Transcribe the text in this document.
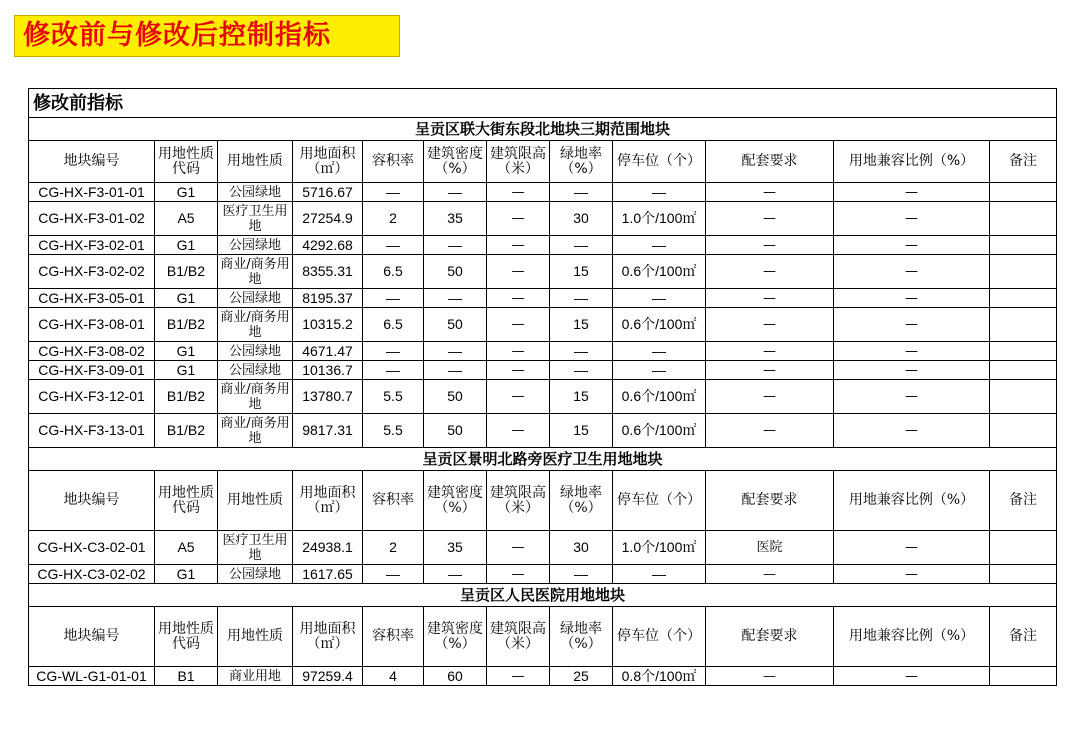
修改前与修改后控制指标
修改前指标											
呈贡区联大街东段北地块三期范围地块											
地块编号	用地性质代码	用地性质	用地面积（㎡）	容积率	建筑密度（%）	建筑限高（米）	绿地率（%）	停车位（个）	配套要求	用地兼容比例（%）	备注
CG-HX-F3-01-01	G1	公园绿地	5716.67	—	—	—	—	—	—	—	
CG-HX-F3-01-02	A5	医疗卫生用地	27254.9	2	35	—	30	1.0个/100㎡	—	—	
CG-HX-F3-02-01	G1	公园绿地	4292.68	—	—	—	—	—	—	—	
CG-HX-F3-02-02	B1/B2	商业/商务用地	8355.31	6.5	50	—	15	0.6个/100㎡	—	—	
CG-HX-F3-05-01	G1	公园绿地	8195.37	—	—	—	—	—	—	—	
CG-HX-F3-08-01	B1/B2	商业/商务用地	10315.2	6.5	50	—	15	0.6个/100㎡	—	—	
CG-HX-F3-08-02	G1	公园绿地	4671.47	—	—	—	—	—	—	—	
CG-HX-F3-09-01	G1	公园绿地	10136.7	—	—	—	—	—	—	—	
CG-HX-F3-12-01	B1/B2	商业/商务用地	13780.7	5.5	50	—	15	0.6个/100㎡	—	—	
CG-HX-F3-13-01	B1/B2	商业/商务用地	9817.31	5.5	50	—	15	0.6个/100㎡	—	—	
呈贡区景明北路旁医疗卫生用地地块											
地块编号	用地性质代码	用地性质	用地面积（㎡）	容积率	建筑密度（%）	建筑限高（米）	绿地率（%）	停车位（个）	配套要求	用地兼容比例（%）	备注
CG-HX-C3-02-01	A5	医疗卫生用地	24938.1	2	35	—	30	1.0个/100㎡	医院	—	
CG-HX-C3-02-02	G1	公园绿地	1617.65	—	—	—	—	—	—	—	
呈贡区人民医院用地地块											
地块编号	用地性质代码	用地性质	用地面积（㎡）	容积率	建筑密度（%）	建筑限高（米）	绿地率（%）	停车位（个）	配套要求	用地兼容比例（%）	备注
CG-WL-G1-01-01	B1	商业用地	97259.4	4	60	—	25	0.8个/100㎡	—	—	
